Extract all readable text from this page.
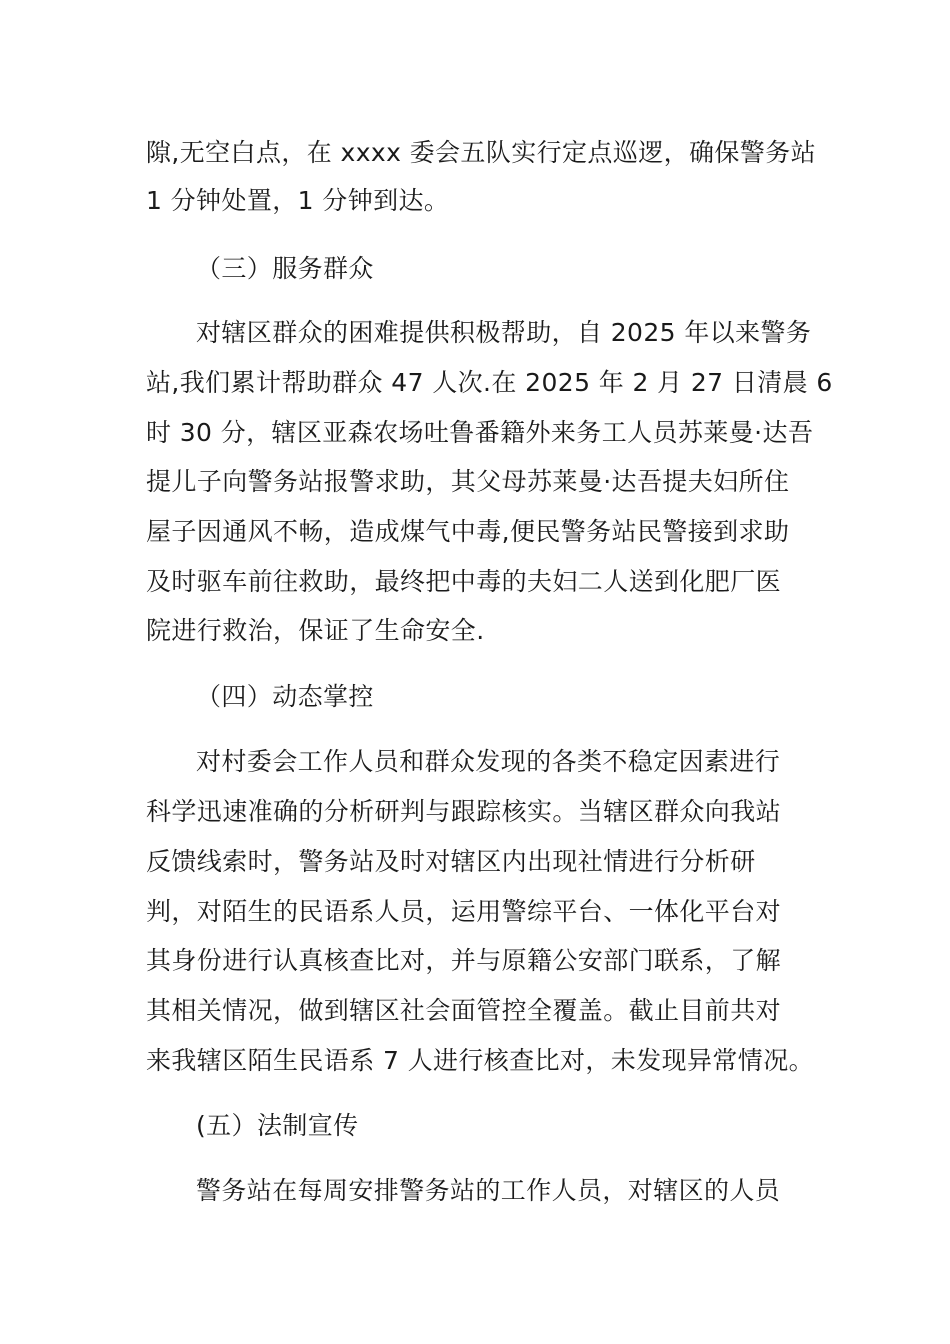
隙,无空白点，在 xxxx 委会五队实行定点巡逻，确保警务站
1 分钟处置，1 分钟到达。
（三）服务群众
对辖区群众的困难提供积极帮助，自 2025 年以来警务
站,我们累计帮助群众 47 人次.在 2025 年 2 月 27 日清晨 6
时 30 分，辖区亚森农场吐鲁番籍外来务工人员苏莱曼·达吾
提儿子向警务站报警求助，其父母苏莱曼·达吾提夫妇所住
屋子因通风不畅，造成煤气中毒,便民警务站民警接到求助
及时驱车前往救助，最终把中毒的夫妇二人送到化肥厂医
院进行救治，保证了生命安全.
（四）动态掌控
对村委会工作人员和群众发现的各类不稳定因素进行
科学迅速准确的分析研判与跟踪核实。当辖区群众向我站
反馈线索时，警务站及时对辖区内出现社情进行分析研
判，对陌生的民语系人员，运用警综平台、一体化平台对
其身份进行认真核查比对，并与原籍公安部门联系，了解
其相关情况，做到辖区社会面管控全覆盖。截止目前共对
来我辖区陌生民语系 7 人进行核查比对，未发现异常情况。
(五）法制宣传
警务站在每周安排警务站的工作人员，对辖区的人员
